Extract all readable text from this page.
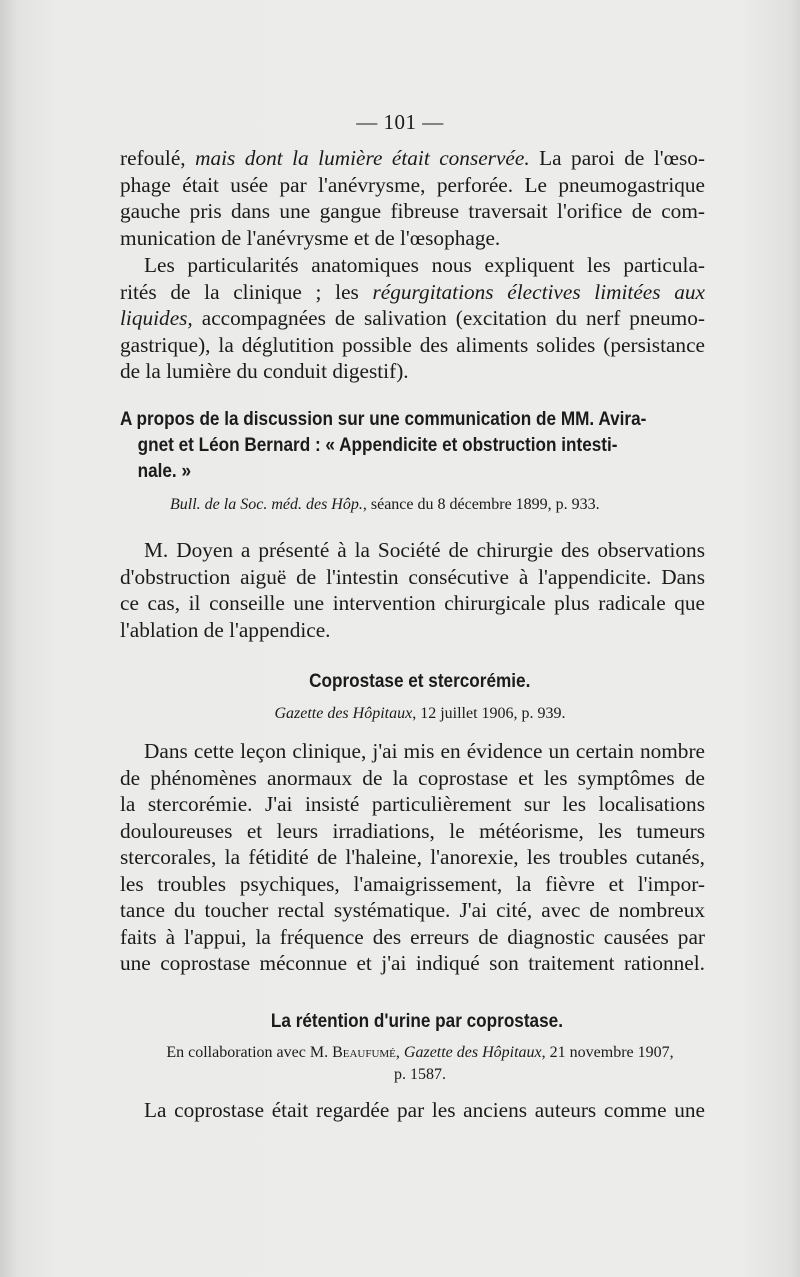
— 101 —
refoulé, mais dont la lumière était conservée. La paroi de l'œso-
phage était usée par l'anévrysme, perforée. Le pneumogastrique
gauche pris dans une gangue fibreuse traversait l'orifice de com-
munication de l'anévrysme et de l'œsophage.
Les particularités anatomiques nous expliquent les particula-
rités de la clinique ; les régurgitations électives limitées aux
liquides, accompagnées de salivation (excitation du nerf pneumo-
gastrique), la déglutition possible des aliments solides (persistance
de la lumière du conduit digestif).
A propos de la discussion sur une communication de MM. Avira-
gnet et Léon Bernard : « Appendicite et obstruction intesti-
nale. »
Bull. de la Soc. méd. des Hôp., séance du 8 décembre 1899, p. 933.
M. Doyen a présenté à la Société de chirurgie des observations
d'obstruction aiguë de l'intestin consécutive à l'appendicite. Dans
ce cas, il conseille une intervention chirurgicale plus radicale que
l'ablation de l'appendice.
Coprostase et stercorémie.
Gazette des Hôpitaux, 12 juillet 1906, p. 939.
Dans cette leçon clinique, j'ai mis en évidence un certain nombre
de phénomènes anormaux de la coprostase et les symptômes de
la stercorémie. J'ai insisté particulièrement sur les localisations
douloureuses et leurs irradiations, le météorisme, les tumeurs
stercorales, la fétidité de l'haleine, l'anorexie, les troubles cutanés,
les troubles psychiques, l'amaigrissement, la fièvre et l'impor-
tance du toucher rectal systématique. J'ai cité, avec de nombreux
faits à l'appui, la fréquence des erreurs de diagnostic causées par
une coprostase méconnue et j'ai indiqué son traitement rationnel.
La rétention d'urine par coprostase.
En collaboration avec M. Beaufumé, Gazette des Hôpitaux, 21 novembre 1907,
p. 1587.
La coprostase était regardée par les anciens auteurs comme une
